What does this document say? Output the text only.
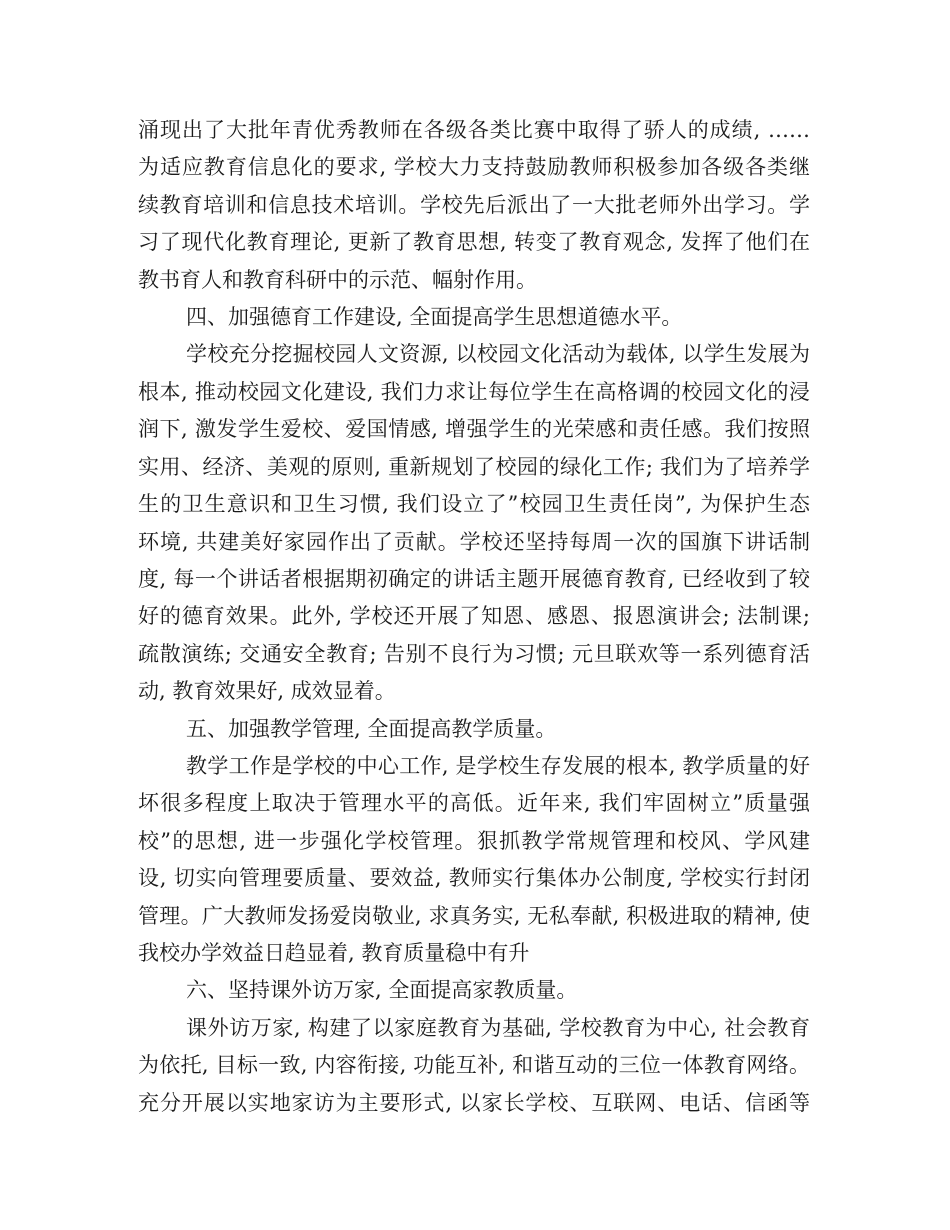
涌现出了大批年青优秀教师在各级各类比赛中取得了骄人的成绩, ……
为适应教育信息化的要求, 学校大力支持鼓励教师积极参加各级各类继
续教育培训和信息技术培训。学校先后派出了一大批老师外出学习。学
习了现代化教育理论, 更新了教育思想, 转变了教育观念, 发挥了他们在
教书育人和教育科研中的示范、幅射作用。
四、加强德育工作建设, 全面提高学生思想道德水平。
学校充分挖掘校园人文资源, 以校园文化活动为载体, 以学生发展为
根本, 推动校园文化建设, 我们力求让每位学生在高格调的校园文化的浸
润下, 激发学生爱校、爱国情感, 增强学生的光荣感和责任感。我们按照
实用、经济、美观的原则, 重新规划了校园的绿化工作; 我们为了培养学
生的卫生意识和卫生习惯, 我们设立了”校园卫生责任岗”, 为保护生态
环境, 共建美好家园作出了贡献。学校还坚持每周一次的国旗下讲话制
度, 每一个讲话者根据期初确定的讲话主题开展德育教育, 已经收到了较
好的德育效果。此外, 学校还开展了知恩、感恩、报恩演讲会; 法制课;
疏散演练; 交通安全教育; 告别不良行为习惯; 元旦联欢等一系列德育活
动, 教育效果好, 成效显着。
五、加强教学管理, 全面提高教学质量。
教学工作是学校的中心工作, 是学校生存发展的根本, 教学质量的好
坏很多程度上取决于管理水平的高低。近年来, 我们牢固树立”质量强
校”的思想, 进一步强化学校管理。狠抓教学常规管理和校风、学风建
设, 切实向管理要质量、要效益, 教师实行集体办公制度, 学校实行封闭
管理。广大教师发扬爱岗敬业, 求真务实, 无私奉献, 积极进取的精神, 使
我校办学效益日趋显着, 教育质量稳中有升
六、坚持课外访万家, 全面提高家教质量。
课外访万家, 构建了以家庭教育为基础, 学校教育为中心, 社会教育
为依托, 目标一致, 内容衔接, 功能互补, 和谐互动的三位一体教育网络。
充分开展以实地家访为主要形式, 以家长学校、互联网、电话、信函等
